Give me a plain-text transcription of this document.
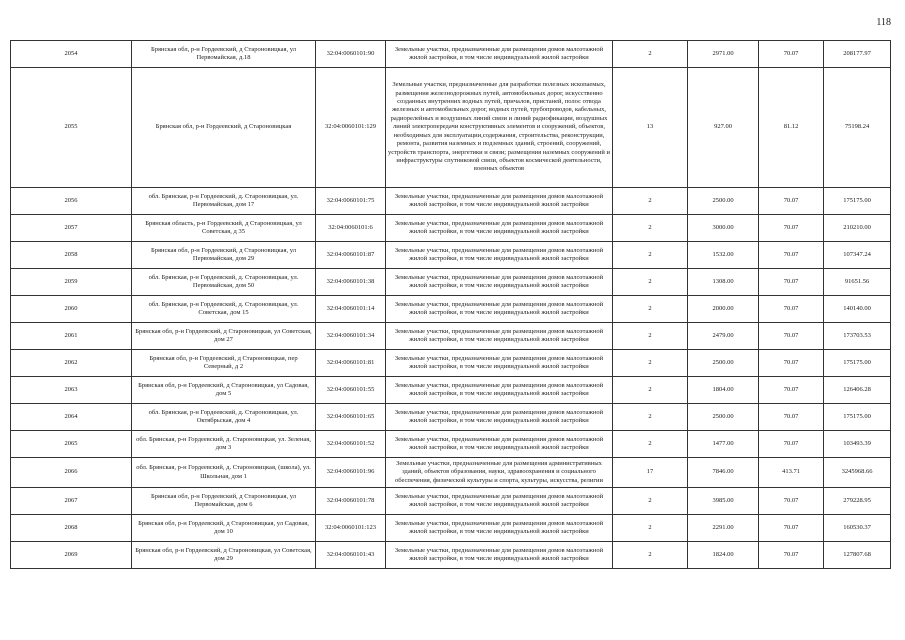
118
2054	Брянская обл, р-н Гордеевский, д Староновицкая, ул Первомайская, д.18	32:04:0060101:90	Земельные участки, предназначенные для размещения домов малоэтажной жилой застройки, в том числе индивидуальной жилой застройки	2	2971.00	70.07	208177.97
2055	Брянская обл, р-н Гордеевский, д Староновицкая	32:04:0060101:129	Земельные участки, предназначенные для разработки полезных ископаемых, размещения железнодорожных путей, автомобильных дорог, искусственно созданных внутренних водных путей, причалов, пристаней, полос отвода железных и автомобильных дорог, водных путей, трубопроводов, кабельных, радиорелейных и воздушных линий связи и линий радиофикации, воздушных линий электропередачи конструктивных элементов и сооружений, объектов, необходимых для эксплуатации,содержания, строительства, реконструкции, ремонта, развития наземных и подземных зданий, строений, сооружений, устройств транспорта, энергетики и связи; размещения наземных сооружений и инфраструктуры спутниковой связи, объектов космической деятельности, военных объектов	13	927.00	81.12	75198.24
2056	обл. Брянская, р-н Гордеевский, д. Староновицкая, ул. Первомайская, дом 17	32:04:0060101:75	Земельные участки, предназначенные для размещения домов малоэтажной жилой застройки, в том числе индивидуальной жилой застройки	2	2500.00	70.07	175175.00
2057	Брянская область, р-н Гордеевский, д Староновицкая, ул Советская, д 35	32:04:0060101:6	Земельные участки, предназначенные для размещения домов малоэтажной жилой застройки, в том числе индивидуальной жилой застройки	2	3000.00	70.07	210210.00
2058	Брянская обл, р-н Гордеевский, д Староновицкая, ул Первомайская, дом 29	32:04:0060101:87	Земельные участки, предназначенные для размещения домов малоэтажной жилой застройки, в том числе индивидуальной жилой застройки	2	1532.00	70.07	107347.24
2059	обл. Брянская, р-н Гордеевский, д. Староновицкая, ул. Первомайская, дом 50	32:04:0060101:38	Земельные участки, предназначенные для размещения домов малоэтажной жилой застройки, в том числе индивидуальной жилой застройки	2	1308.00	70.07	91651.56
2060	обл. Брянская, р-н Гордеевский, д. Староновицкая, ул. Советская, дом 15	32:04:0060101:14	Земельные участки, предназначенные для размещения домов малоэтажной жилой застройки, в том числе индивидуальной жилой застройки	2	2000.00	70.07	140140.00
2061	Брянская обл, р-н Гордеевский, д Староновицкая, ул Советская, дом 27	32:04:0060101:34	Земельные участки, предназначенные для размещения домов малоэтажной жилой застройки, в том числе индивидуальной жилой застройки	2	2479.00	70.07	173703.53
2062	Брянская обл, р-н Гордеевский, д Староновицкая, пер Северный, д 2	32:04:0060101:81	Земельные участки, предназначенные для размещения домов малоэтажной жилой застройки, в том числе индивидуальной жилой застройки	2	2500.00	70.07	175175.00
2063	Брянская обл, р-н Гордеевский, д Староновицкая, ул Садовая, дом 5	32:04:0060101:55	Земельные участки, предназначенные для размещения домов малоэтажной жилой застройки, в том числе индивидуальной жилой застройки	2	1804.00	70.07	126406.28
2064	обл. Брянская, р-н Гордеевский, д. Староновицкая, ул. Октябрьская, дом 4	32:04:0060101:65	Земельные участки, предназначенные для размещения домов малоэтажной жилой застройки, в том числе индивидуальной жилой застройки	2	2500.00	70.07	175175.00
2065	обл. Брянская, р-н Гордеевский, д. Староновицкая, ул. Зеленая, дом 3	32:04:0060101:52	Земельные участки, предназначенные для размещения домов малоэтажной жилой застройки, в том числе индивидуальной жилой застройки	2	1477.00	70.07	103493.39
2066	обл. Брянская, р-н Гордеевский, д. Староновицкая, (школа), ул. Школьная, дом 1	32:04:0060101:96	Земельные участки, предназначенные для размещения административных зданий, объектов образования, науки, здравоохранения и социального обеспечения, физической культуры и спорта, культуры, искусства, религии	17	7846.00	413.71	3245968.66
2067	Брянская обл, р-н Гордеевский, д Староновицкая, ул Первомайская, дом 6	32:04:0060101:78	Земельные участки, предназначенные для размещения домов малоэтажной жилой застройки, в том числе индивидуальной жилой застройки	2	3985.00	70.07	279228.95
2068	Брянская обл, р-н Гордеевский, д Староновицкая, ул Садовая, дом 10	32:04:0060101:123	Земельные участки, предназначенные для размещения домов малоэтажной жилой застройки, в том числе индивидуальной жилой застройки	2	2291.00	70.07	160530.37
2069	Брянская обл, р-н Гордеевский, д Староновицкая, ул Советская, дом 29	32:04:0060101:43	Земельные участки, предназначенные для размещения домов малоэтажной жилой застройки, в том числе индивидуальной жилой застройки	2	1824.00	70.07	127807.68
